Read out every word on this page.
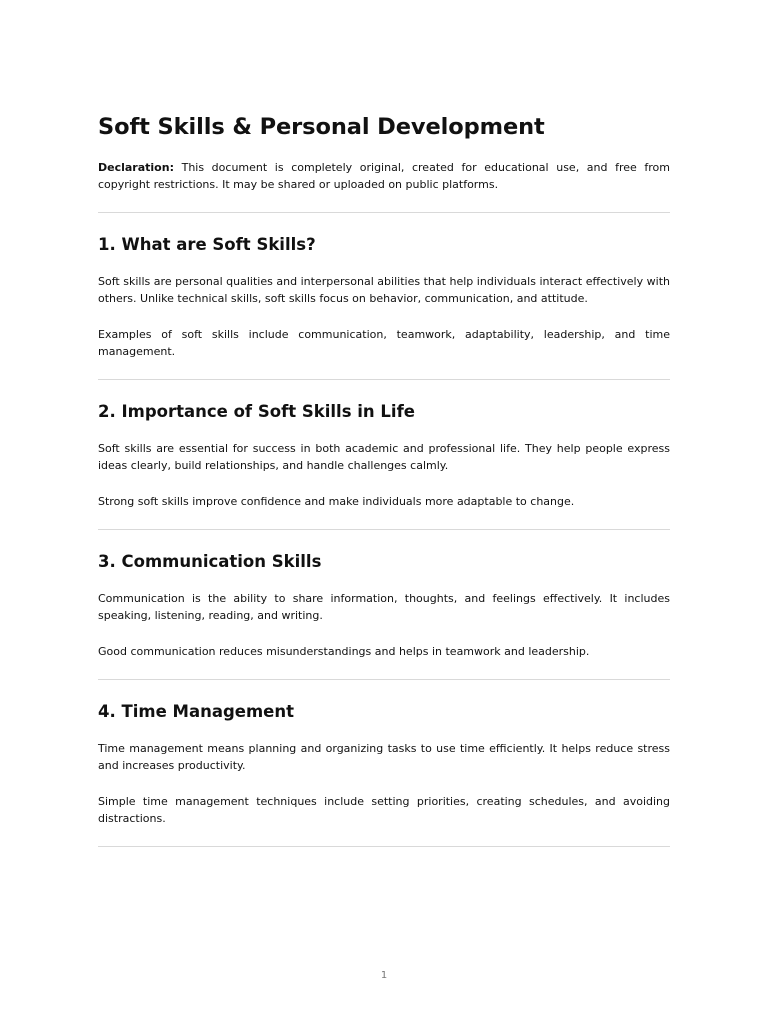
Soft Skills & Personal Development

Declaration: This document is completely original, created for educational use, and free from copyright restrictions. It may be shared or uploaded on public platforms.

1. What are Soft Skills?

Soft skills are personal qualities and interpersonal abilities that help individuals interact effectively with others. Unlike technical skills, soft skills focus on behavior, communication, and attitude.

Examples of soft skills include communication, teamwork, adaptability, leadership, and time management.

2. Importance of Soft Skills in Life

Soft skills are essential for success in both academic and professional life. They help people express ideas clearly, build relationships, and handle challenges calmly.

Strong soft skills improve confidence and make individuals more adaptable to change.

3. Communication Skills

Communication is the ability to share information, thoughts, and feelings effectively. It includes speaking, listening, reading, and writing.

Good communication reduces misunderstandings and helps in teamwork and leadership.

4. Time Management

Time management means planning and organizing tasks to use time efficiently. It helps reduce stress and increases productivity.

Simple time management techniques include setting priorities, creating schedules, and avoiding distractions.

1
